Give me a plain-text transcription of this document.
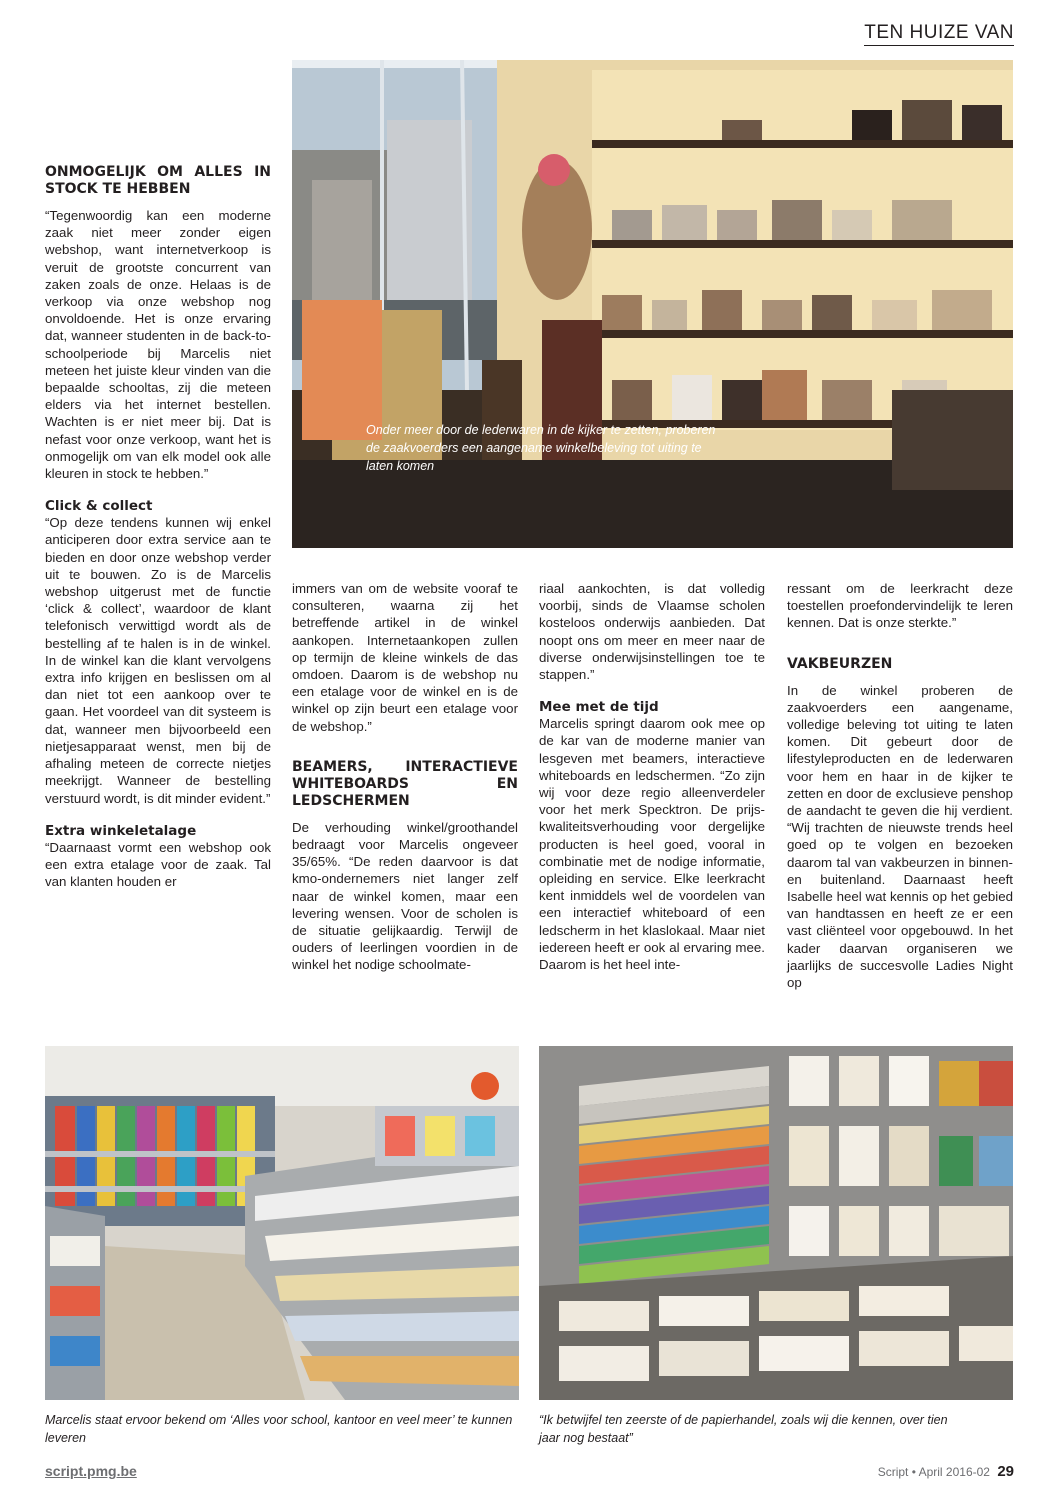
TEN HUIZE VAN
Onder meer door de lederwaren in de kijker te zetten, proberen de zaakvoerders een aangename winkelbeleving tot uiting te laten komen
ONMOGELIJK OM ALLES IN STOCK TE HEBBEN

“Tegenwoordig kan een moderne zaak niet meer zonder eigen webshop, want internetverkoop is veruit de grootste concurrent van zaken zoals de onze. Helaas is de verkoop via onze webshop nog onvoldoende. Het is onze ervaring dat, wanneer studenten in de back-to-schoolperiode bij Marcelis niet meteen het juiste kleur vinden van die bepaalde schooltas, zij die meteen elders via het internet bestellen. Wachten is er niet meer bij. Dat is nefast voor onze verkoop, want het is onmogelijk om van elk model ook alle kleuren in stock te hebben.”

Click & collect

“Op deze tendens kunnen wij enkel anticiperen door extra service aan te bieden en door onze webshop verder uit te bouwen. Zo is de Marcelis webshop uitgerust met de functie ‘click & collect’, waardoor de klant telefonisch verwittigd wordt als de bestelling af te halen is in de winkel. In de winkel kan die klant vervolgens extra info krijgen en beslissen om al dan niet tot een aankoop over te gaan. Het voordeel van dit systeem is dat, wanneer men bijvoorbeeld een nietjesapparaat wenst, men bij de afhaling meteen de correcte nietjes meekrijgt. Wanneer de bestelling verstuurd wordt, is dit minder evident.”

Extra winkeletalage

“Daarnaast vormt een webshop ook een extra etalage voor de zaak. Tal van klanten houden er

immers van om de website vooraf te consulteren, waarna zij het betreffende artikel in de winkel aankopen. Internetaankopen zullen op termijn de kleine winkels de das omdoen. Daarom is de webshop nu een etalage voor de winkel en is de winkel op zijn beurt een etalage voor de webshop.”

BEAMERS, INTERACTIEVE WHITEBOARDS EN LEDSCHERMEN

De verhouding winkel/groothandel bedraagt voor Marcelis ongeveer 35/65%. “De reden daarvoor is dat kmo-ondernemers niet langer zelf naar de winkel komen, maar een levering wensen. Voor de scholen is de situatie gelijkaardig. Terwijl de ouders of leerlingen voordien in de winkel het nodige schoolmate-

riaal aankochten, is dat volledig voorbij, sinds de Vlaamse scholen kosteloos onderwijs aanbieden. Dat noopt ons om meer en meer naar de diverse onderwijsinstellingen toe te stappen.”

Mee met de tijd

Marcelis springt daarom ook mee op de kar van de moderne manier van lesgeven met beamers, interactieve whiteboards en ledschermen. “Zo zijn wij voor deze regio alleenverdeler voor het merk Specktron. De prijs-kwaliteitsverhouding voor dergelijke producten is heel goed, vooral in combinatie met de nodige informatie, opleiding en service. Elke leerkracht kent inmiddels wel de voordelen van een interactief whiteboard of een ledscherm in het klaslokaal. Maar niet iedereen heeft er ook al ervaring mee. Daarom is het heel inte-

ressant om de leerkracht deze toestellen proefondervindelijk te leren kennen. Dat is onze sterkte.”

VAKBEURZEN

In de winkel proberen de zaakvoerders een aangename, volledige beleving tot uiting te laten komen. Dit gebeurt door de lifestyleproducten en de lederwaren voor hem en haar in de kijker te zetten en door de exclusieve penshop de aandacht te geven die hij verdient. “Wij trachten de nieuwste trends heel goed op te volgen en bezoeken daarom tal van vakbeurzen in binnen- en buitenland. Daarnaast heeft Isabelle heel wat kennis op het gebied van handtassen en heeft ze er een vast cliënteel voor opgebouwd. In het kader daarvan organiseren we jaarlijks de succesvolle Ladies Night op

Marcelis staat ervoor bekend om ‘Alles voor school, kantoor en veel meer’ te kunnen leveren
“Ik betwijfel ten zeerste of de papierhandel, zoals wij die kennen, over tien jaar nog bestaat”
script.pmg.be	Script • April 2016-02 29
